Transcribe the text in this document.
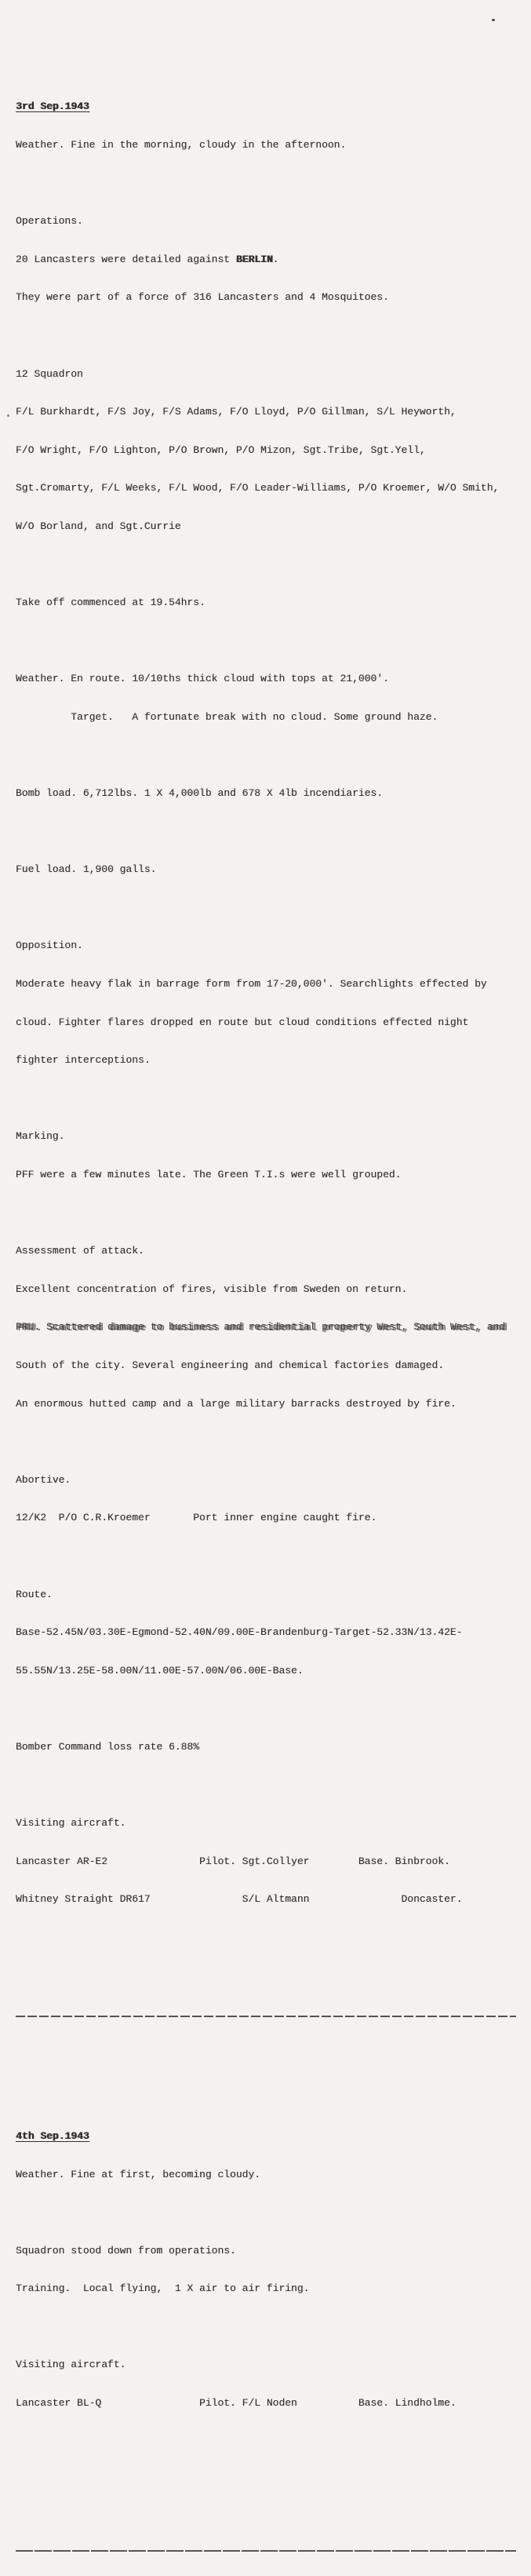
3rd Sep.1943

Weather. Fine in the morning, cloudy in the afternoon.

Operations.

20 Lancasters were detailed against BERLIN.

They were part of a force of 316 Lancasters and 4 Mosquitoes.

12 Squadron

F/L Burkhardt, F/S Joy, F/S Adams, F/O Lloyd, P/O Gillman, S/L Heyworth,

F/O Wright, F/O Lighton, P/O Brown, P/O Mizon, Sgt.Tribe, Sgt.Yell,

Sgt.Cromarty, F/L Weeks, F/L Wood, F/O Leader-Williams, P/O Kroemer, W/O Smith,

W/O Borland, and Sgt.Currie

Take off commenced at 19.54hrs.

Weather. En route. 10/10ths thick cloud with tops at 21,000'.

Target.   A fortunate break with no cloud. Some ground haze.

Bomb load. 6,712lbs. 1 X 4,000lb and 678 X 4lb incendiaries.

Fuel load. 1,900 galls.

Opposition.

Moderate heavy flak in barrage form from 17-20,000'. Searchlights effected by

cloud. Fighter flares dropped en route but cloud conditions effected night

fighter interceptions.

Marking.

PFF were a few minutes late. The Green T.I.s were well grouped.

Assessment of attack.

Excellent concentration of fires, visible from Sweden on return.

PRU. Scattered damage to business and residential property West, South West, and

South of the city. Several engineering and chemical factories damaged.

An enormous hutted camp and a large military barracks destroyed by fire.

Abortive.

12/K2  P/O C.R.Kroemer       Port inner engine caught fire.

Route.

Base-52.45N/03.30E-Egmond-52.40N/09.00E-Brandenburg-Target-52.33N/13.42E-

55.55N/13.25E-58.00N/11.00E-57.00N/06.00E-Base.

Bomber Command loss rate 6.88%

Visiting aircraft.

Lancaster AR-E2               Pilot. Sgt.Collyer        Base. Binbrook.

Whitney Straight DR617               S/L Altmann               Doncaster.

4th Sep.1943

Weather. Fine at first, becoming cloudy.

Squadron stood down from operations.

Training.  Local flying,  1 X air to air firing.

Visiting aircraft.

Lancaster BL-Q                Pilot. F/L Noden          Base. Lindholme.
